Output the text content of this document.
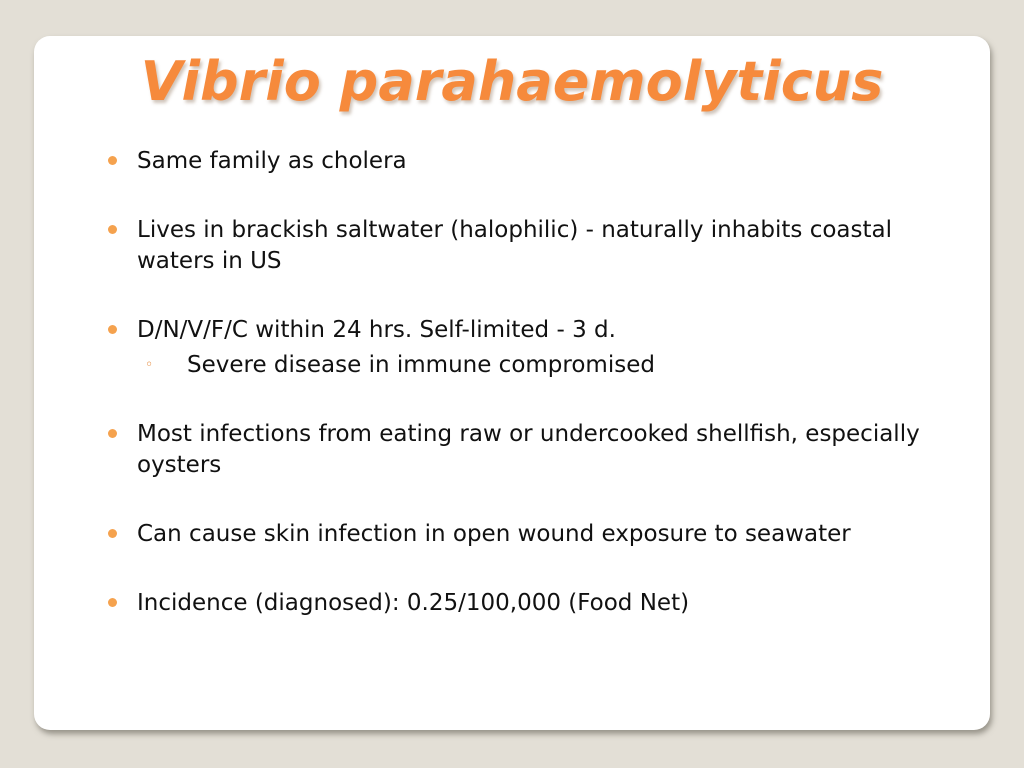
Vibrio parahaemolyticus
Same family as cholera
Lives in brackish saltwater (halophilic) - naturally inhabits coastal waters in US
D/N/V/F/C within 24 hrs. Self-limited - 3 d.
◦ Severe disease in immune compromised
Most infections from eating raw or undercooked shellfish, especially oysters
Can cause skin infection in open wound exposure to seawater
Incidence (diagnosed): 0.25/100,000 (Food Net)
